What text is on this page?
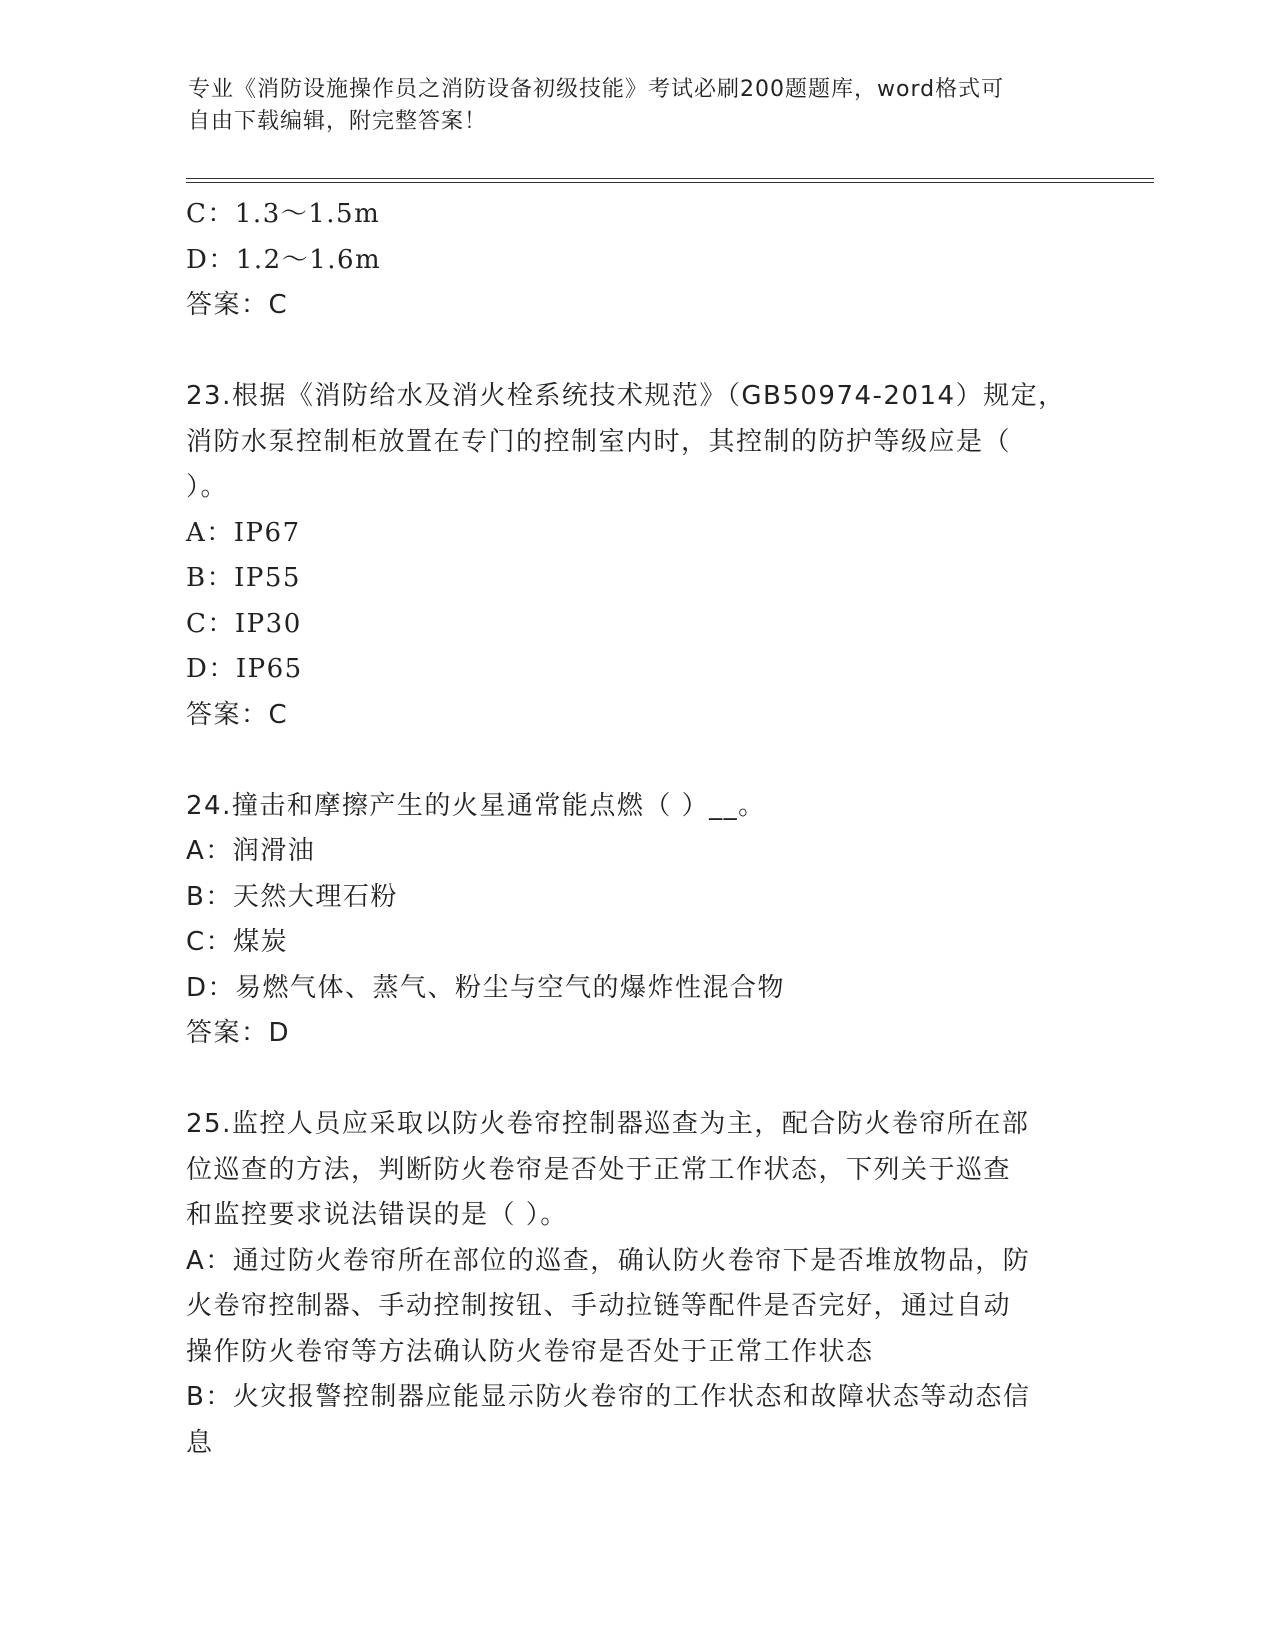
专业《消防设施操作员之消防设备初级技能》考试必刷200题题库，word格式可
自由下载编辑，附完整答案！
C：1.3～1.5m
D：1.2～1.6m
答案：C
23.根据《消防给水及消火栓系统技术规范》（GB50974-2014）规定，
消防水泵控制柜放置在专门的控制室内时，其控制的防护等级应是（
）。
A：IP67
B：IP55
C：IP30
D：IP65
答案：C
24.撞击和摩擦产生的火星通常能点燃（ ）__。
A：润滑油
B：天然大理石粉
C：煤炭
D：易燃气体、蒸气、粉尘与空气的爆炸性混合物
答案：D
25.监控人员应采取以防火卷帘控制器巡查为主，配合防火卷帘所在部
位巡查的方法，判断防火卷帘是否处于正常工作状态，下列关于巡查
和监控要求说法错误的是（ ）。
A：通过防火卷帘所在部位的巡查，确认防火卷帘下是否堆放物品，防
火卷帘控制器、手动控制按钮、手动拉链等配件是否完好，通过自动
操作防火卷帘等方法确认防火卷帘是否处于正常工作状态
B：火灾报警控制器应能显示防火卷帘的工作状态和故障状态等动态信
息
